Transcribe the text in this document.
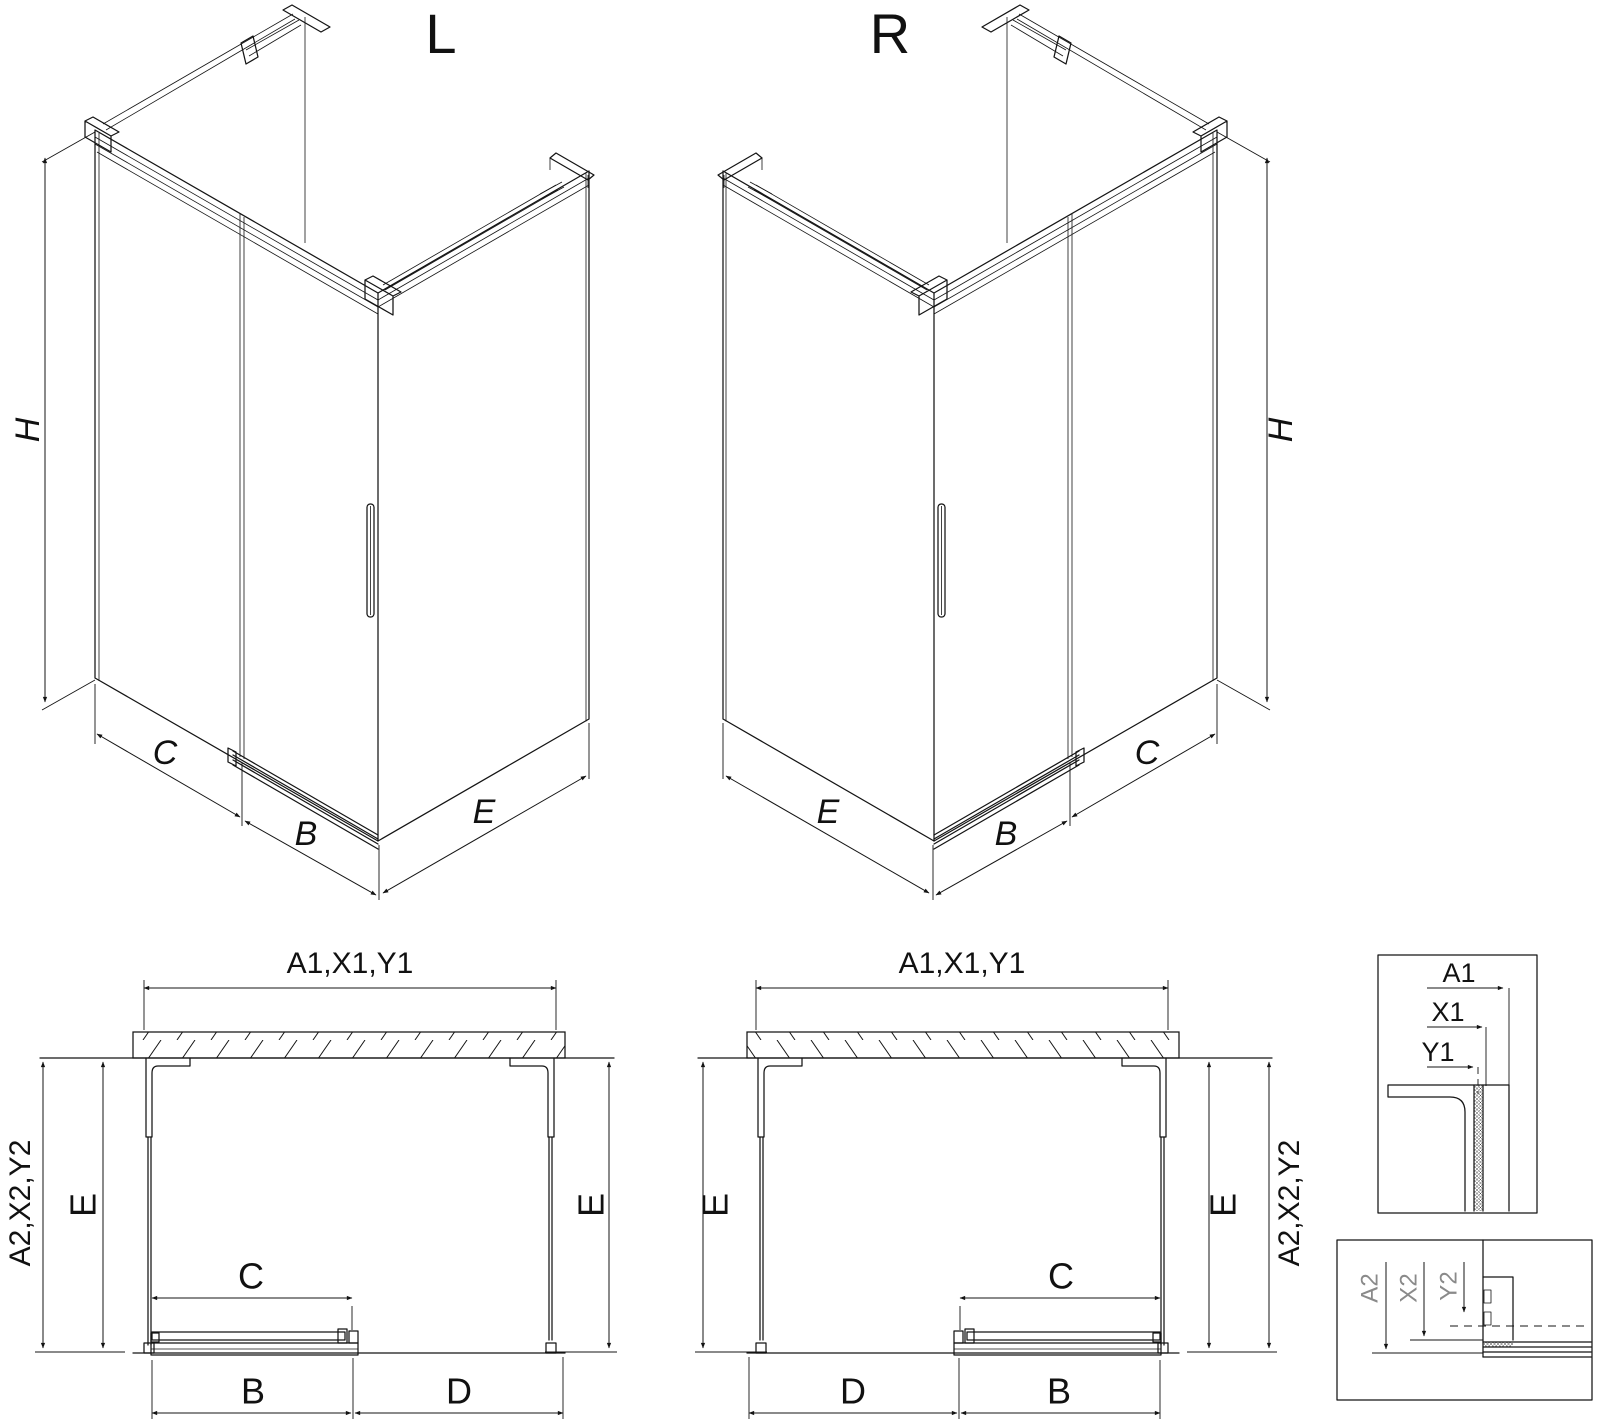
L
H
C
B
E
R
H
C
B
E
A1,X1,Y1
A2,X2,Y2 E	E
C
B	D
A1,X1,Y1
A2,X2,Y2
E	E
C
B
D
A1
X1
Y1
A2 X2 Y2
